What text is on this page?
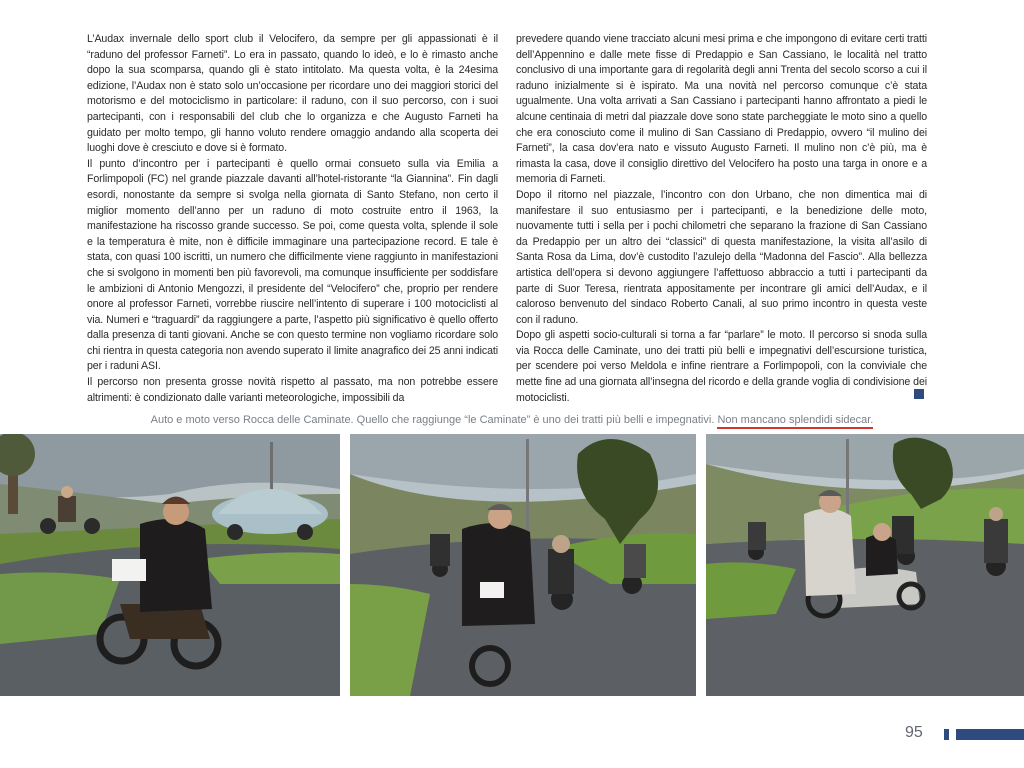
L’Audax invernale dello sport club il Velocifero, da sempre per gli appassionati è il “raduno del professor Farneti”. Lo era in passato, quando lo ideò, e lo è rimasto anche dopo la sua scomparsa, quando gli è stato intitolato. Ma questa volta, è la 24esima edizione, l’Audax non è stato solo un’occasione per ricordare uno dei maggiori storici del motorismo e del motociclismo in particolare: il raduno, con il suo percorso, con i suoi partecipanti, con i responsabili del club che lo organizza e che Augusto Farneti ha guidato per molto tempo, gli hanno voluto rendere omaggio andando alla scoperta dei luoghi dove è cresciuto e dove si è formato.
Il punto d’incontro per i partecipanti è quello ormai consueto sulla via Emilia a Forlimpopoli (FC) nel grande piazzale davanti all’hotel-ristorante “la Giannina”. Fin dagli esordi, nonostante da sempre si svolga nella giornata di Santo Stefano, non certo il miglior momento dell’anno per un raduno di moto costruite entro il 1963, la manifestazione ha riscosso grande successo. Se poi, come questa volta, splende il sole e la temperatura è mite, non è difficile immaginare una partecipazione record. E tale è stata, con quasi 100 iscritti, un numero che difficilmente viene raggiunto in manifestazioni che si svolgono in momenti ben più favorevoli, ma comunque insufficiente per soddisfare le ambizioni di Antonio Mengozzi, il presidente del “Velocifero” che, proprio per rendere onore al professor Farneti, vorrebbe riuscire nell’intento di superare i 100 motociclisti al via. Numeri e “traguardi” da raggiungere a parte, l’aspetto più significativo è quello offerto dalla presenza di tanti giovani. Anche se con questo termine non vogliamo ricordare solo chi rientra in questa categoria non avendo superato il limite anagrafico dei 25 anni indicati per i raduni ASI.
Il percorso non presenta grosse novità rispetto al passato, ma non potrebbe essere altrimenti: è condizionato dalle varianti meteorologiche, impossibili da
prevedere quando viene tracciato alcuni mesi prima e che impongono di evitare certi tratti dell’Appennino e dalle mete fisse di Predappio e San Cassiano, le località nel tratto conclusivo di una importante gara di regolarità degli anni Trenta del secolo scorso a cui il raduno inizialmente si è ispirato. Ma una novità nel percorso comunque c’è stata ugualmente. Una volta arrivati a San Cassiano i partecipanti hanno affrontato a piedi le alcune centinaia di metri dal piazzale dove sono state parcheggiate le moto sino a quello che era conosciuto come il mulino di San Cassiano di Predappio, ovvero “il mulino dei Farneti”, la casa dov’era nato e vissuto Augusto Farneti. Il mulino non c’è più, ma è rimasta la casa, dove il consiglio direttivo del Velocifero ha posto una targa in onore e a memoria di Farneti.
Dopo il ritorno nel piazzale, l’incontro con don Urbano, che non dimentica mai di manifestare il suo entusiasmo per i partecipanti, e la benedizione delle moto, nuovamente tutti i sella per i pochi chilometri che separano la frazione di San Cassiano da Predappio per un altro dei “classici” di questa manifestazione, la visita all’asilo di Santa Rosa da Lima, dov’è custodito l’azulejo della “Madonna del Fascio”. Alla bellezza artistica dell’opera si devono aggiungere l’affettuoso abbraccio a tutti i partecipanti da parte di Suor Teresa, rientrata appositamente per incontrare gli amici dell’Audax, e il caloroso benvenuto del sindaco Roberto Canali, al suo primo incontro in questa veste con il raduno.
Dopo gli aspetti socio-culturali si torna a far “parlare” le moto. Il percorso si snoda sulla via Rocca delle Caminate, uno dei tratti più belli e impegnativi dell’escursione turistica, per scendere poi verso Meldola e infine rientrare a Forlimpopoli, con la conviviale che mette fine ad una giornata all’insegna del ricordo e della grande voglia di condivisione dei motociclisti.
Auto e moto verso Rocca delle Caminate. Quello che raggiunge “le Caminate” è uno dei tratti più belli e impegnativi. Non mancano splendidi sidecar.
95
